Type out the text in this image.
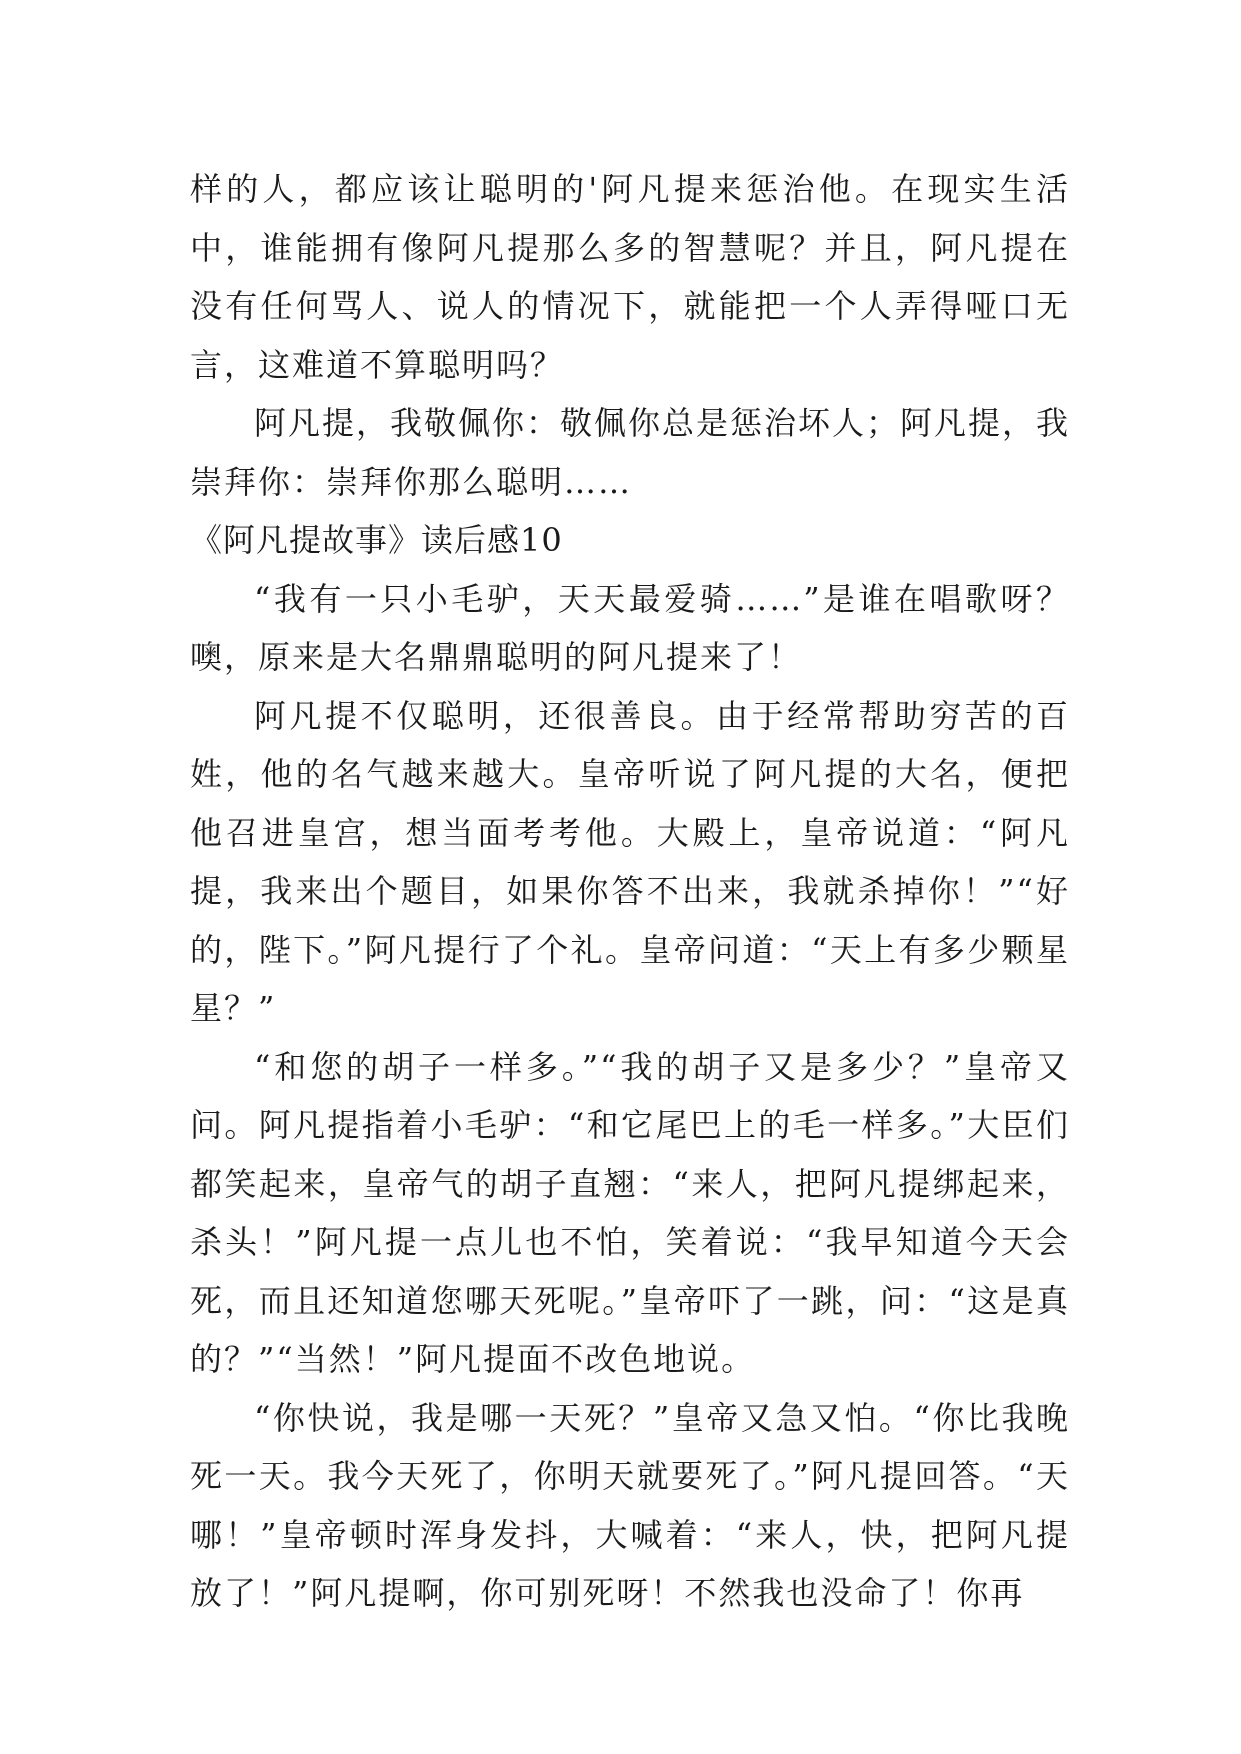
样的人，都应该让聪明的'阿凡提来惩治他。在现实生活中，谁能拥有像阿凡提那么多的智慧呢？并且，阿凡提在没有任何骂人、说人的情况下，就能把一个人弄得哑口无言，这难道不算聪明吗？

阿凡提，我敬佩你：敬佩你总是惩治坏人；阿凡提，我崇拜你：崇拜你那么聪明……

《阿凡提故事》读后感10

“我有一只小毛驴，天天最爱骑……”是谁在唱歌呀？噢，原来是大名鼎鼎聪明的阿凡提来了！

阿凡提不仅聪明，还很善良。由于经常帮助穷苦的百姓，他的名气越来越大。皇帝听说了阿凡提的大名，便把他召进皇宫，想当面考考他。大殿上，皇帝说道：“阿凡提，我来出个题目，如果你答不出来，我就杀掉你！”“好的，陛下。”阿凡提行了个礼。皇帝问道：“天上有多少颗星星？”

“和您的胡子一样多。”“我的胡子又是多少？”皇帝又问。阿凡提指着小毛驴：“和它尾巴上的毛一样多。”大臣们都笑起来，皇帝气的胡子直翘：“来人，把阿凡提绑起来，杀头！”阿凡提一点儿也不怕，笑着说：“我早知道今天会死，而且还知道您哪天死呢。”皇帝吓了一跳，问：“这是真的？”“当然！”阿凡提面不改色地说。

“你快说，我是哪一天死？”皇帝又急又怕。“你比我晚死一天。我今天死了，你明天就要死了。”阿凡提回答。“天哪！”皇帝顿时浑身发抖，大喊着：“来人，快，把阿凡提放了！”阿凡提啊，你可别死呀！不然我也没命了！你再
